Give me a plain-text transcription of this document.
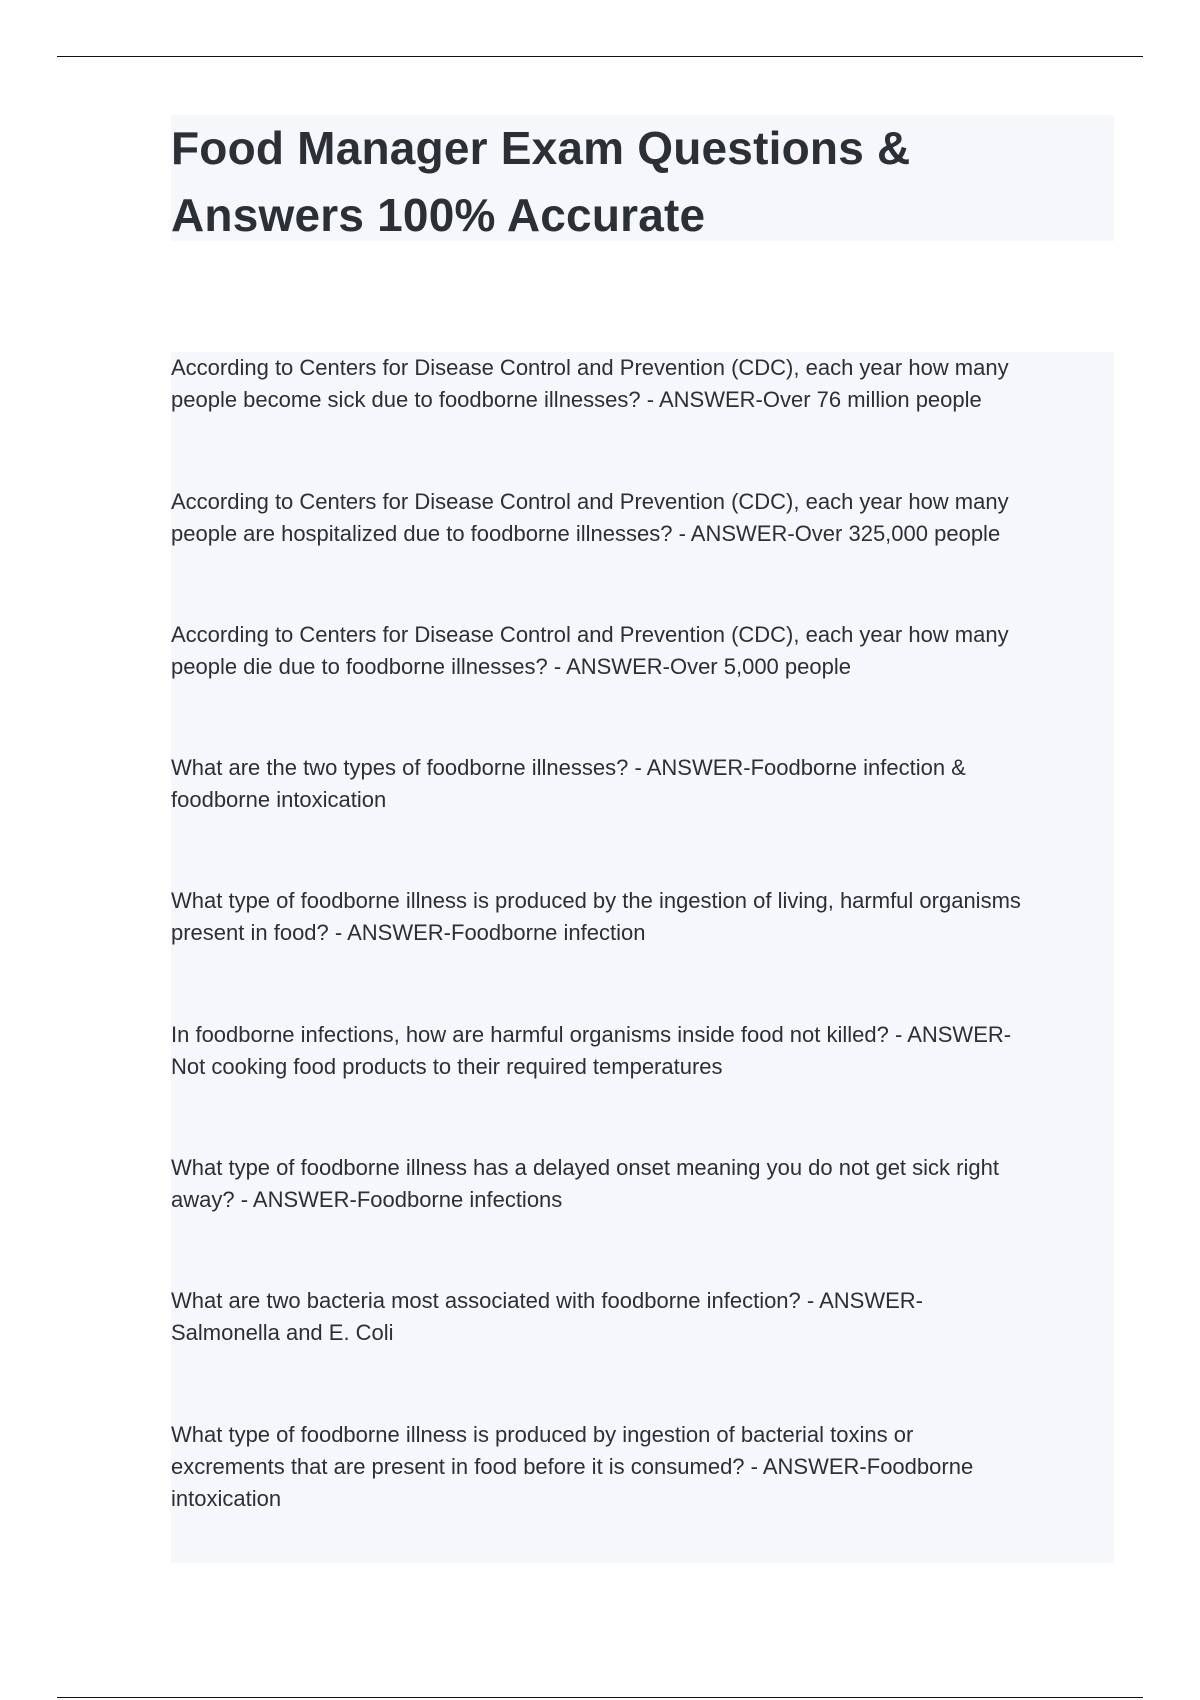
Food Manager Exam Questions &
Answers 100% Accurate

According to Centers for Disease Control and Prevention (CDC), each year how many
people become sick due to foodborne illnesses? - ANSWER-Over 76 million people

According to Centers for Disease Control and Prevention (CDC), each year how many
people are hospitalized due to foodborne illnesses? - ANSWER-Over 325,000 people

According to Centers for Disease Control and Prevention (CDC), each year how many
people die due to foodborne illnesses? - ANSWER-Over 5,000 people

What are the two types of foodborne illnesses? - ANSWER-Foodborne infection &
foodborne intoxication

What type of foodborne illness is produced by the ingestion of living, harmful organisms
present in food? - ANSWER-Foodborne infection

In foodborne infections, how are harmful organisms inside food not killed? - ANSWER-
Not cooking food products to their required temperatures

What type of foodborne illness has a delayed onset meaning you do not get sick right
away? - ANSWER-Foodborne infections

What are two bacteria most associated with foodborne infection? - ANSWER-
Salmonella and E. Coli

What type of foodborne illness is produced by ingestion of bacterial toxins or
excrements that are present in food before it is consumed? - ANSWER-Foodborne
intoxication
